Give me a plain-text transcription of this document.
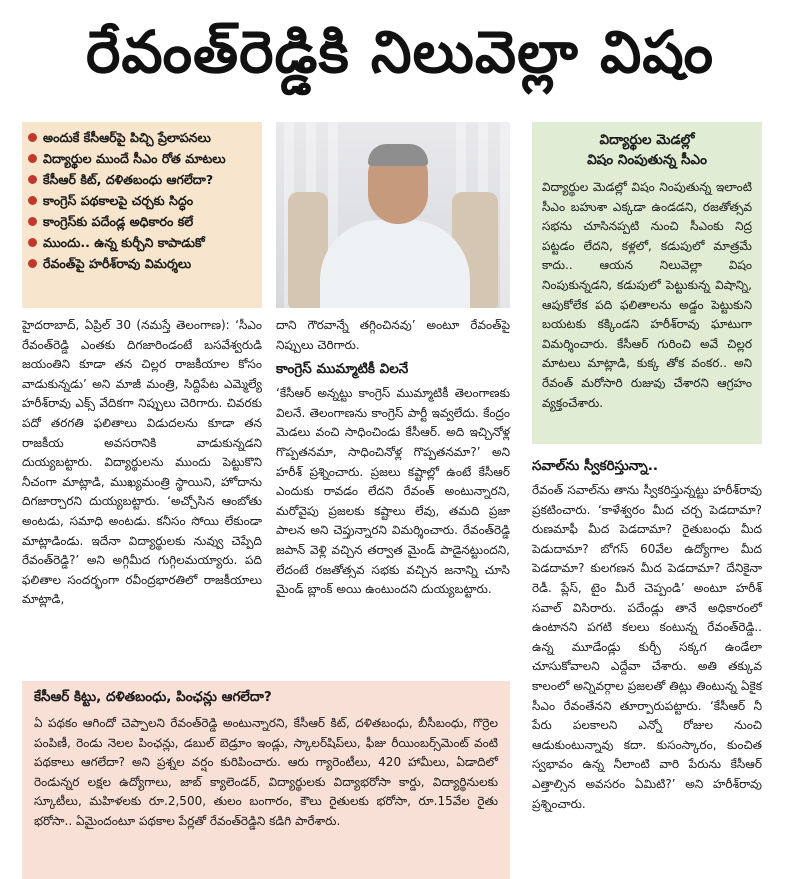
రేవంత్‌రెడ్డికి నిలువెల్లా విషం
అందుకే కేసీఆర్‌పై పిచ్చి ప్రేలాపనలు
విద్యార్థుల ముందే సీఎం రోత మాటలు
కేసీఆర్‌ కిట్‌, దళితబంధు ఆగలేదా?
కాంగ్రెస్‌ పథకాలపై చర్చకు సిద్ధం
కాంగ్రెస్‌కు పదేండ్ల అధికారం కలే
ముందు.. ఉన్న కుర్చీని కాపాడుకో
రేవంత్‌పై హరీశ్‌రావు విమర్శలు

హైదరాబాద్‌, ఏప్రిల్‌ 30 (నమస్తే తెలంగాణ): ‘సీఎం రేవంత్‌రెడ్డి ఎంతకు దిగజారిండంటే బసవేశ్వరుడి జయంతిని కూడా తన చిల్లర రాజకీయాల కోసం వాడుకున్నడు’ అని మాజీ మంత్రి, సిద్దిపేట ఎమ్మెల్యే హరీశ్‌రావు ఎక్స్‌ వేదికగా నిప్పులు చెరిగారు. చివరకు పదో తరగతి ఫలితాలు విడుదలను కూడా తన రాజకీయ అవసరానికి వాడుకున్నడని దుయ్యబట్టారు. విద్యార్థులను ముందు పెట్టుకొని నీచంగా మాట్లాడి, ముఖ్యమంత్రి స్థాయిని, హోదాను దిగజార్చారని దుయ్యబట్టారు. ‘అచ్చోసిన ఆంబోతు అంటడు, సమాధి అంటడు. కనీసం సోయి లేకుండా మాట్లాడిండు. ఇదేనా విద్యార్థులకు నువ్వు చెప్పేది రేవంత్‌రెడ్డి?’ అని అగ్గిమీద గుగ్గిలమయ్యారు. పది ఫలితాల సందర్భంగా రవీంద్రభారతిలో రాజకీయాలు మాట్లాడి,

దాని గౌరవాన్నే తగ్గించినవు’ అంటూ రేవంత్‌పై నిప్పులు చెరిగారు.

కాంగ్రెస్‌ ముమ్మాటికీ విలనే

‘కేసీఆర్‌ అన్నట్టు కాంగ్రెస్‌ ముమ్మాటికీ తెలంగాణకు విలనే. తెలంగాణను కాంగ్రెస్‌ పార్టీ ఇవ్వలేదు. కేంద్రం మెడలు వంచి సాధించిండు కేసీఆర్‌. అది ఇచ్చినోళ్ల గొప్పతనమా, సాధించినోళ్ల గొప్పతనమా?’ అని హరీశ్‌ ప్రశ్నించారు. ప్రజలు కష్టాల్లో ఉంటే కేసీఆర్‌ ఎందుకు రావడం లేదని రేవంత్‌ అంటున్నారని, మరోవైపు ప్రజలకు కష్టాలు లేవు, తమది ప్రజా పాలన అని చెప్తున్నారని విమర్శించారు. రేవంత్‌రెడ్డి జపాన్‌ వెళ్లి వచ్చిన తర్వాత మైండ్‌ పాడైనట్టుందని, లేదంటే రజతోత్సవ సభకు వచ్చిన జనాన్ని చూసి మైండ్‌ బ్లాంక్‌ అయి ఉంటుందని దుయ్యబట్టారు.

విద్యార్థుల మెడల్లో
విషం నింపుతున్న సీఎం

విద్యార్థుల మెడల్లో విషం నింపుతున్న ఇలాంటి సీఎం బహుశా ఎక్కడా ఉండడని, రజతోత్సవ సభను చూసినప్పటి నుంచి సీఎంకు నిద్ర పట్టడం లేదని, కళ్లలో, కడుపులో మాత్రమే కాదు.. ఆయన నిలువెల్లా విషం నింపుకున్నడని, కడుపులో పెట్టుకున్న విషాన్ని, ఆపుకోలేక పది ఫలితాలను అడ్డం పెట్టుకుని బయటకు కక్కిండని హరీశ్‌రావు ఘాటుగా విమర్శించారు. కేసీఆర్‌ గురించి అవే చిల్లర మాటలు మాట్లాడి, కుక్క తోక వంకర.. అని రేవంత్‌ మరోసారి రుజువు చేశారని ఆగ్రహం వ్యక్తంచేశారు.

సవాల్‌ను స్వీకరిస్తున్నా..

రేవంత్‌ సవాల్‌ను తాను స్వీకరిస్తున్నట్టు హరీశ్‌రావు ప్రకటించారు. ‘కాళేశ్వరం మీద చర్చ పెడదామా? రుణమాఫీ మీద పెడదామా? రైతుబంధు మీద పెడుదామా? బోగస్‌ 60వేల ఉద్యోగాల మీద పెడదామా? కులగణన మీద పెడదామా? దేనికైనా రెడీ. ప్లేస్‌, టైం మీరే చెప్పండి’ అంటూ హరీశ్‌ సవాల్‌ విసిరారు. పదేండ్లు తానే అధికారంలో ఉంటానని పగటి కలలు కంటున్న రేవంత్‌రెడ్డి.. ఉన్న మూడేండ్లు కుర్చీ సక్కగ ఉండేలా చూసుకోవాలని ఎద్దేవా చేశారు. అతి తక్కువ కాలంలో అన్నివర్గాల ప్రజలతో తిట్లు తింటున్న ఏకైక సీఎం రేవంతేనని తూర్పారుపట్టారు. ‘కేసీఆర్‌ నీ పేరు పలకాలని ఎన్నో రోజుల నుంచి ఆడుకుంటున్నావు కదా. కుసంస్కారం, కుంచిత స్వభావం ఉన్న నీలాంటి వారి పేరును కేసీఆర్‌ ఎత్తాల్సిన అవసరం ఏమిటి?’ అని హరీశ్‌రావు ప్రశ్నించారు.

కేసీఆర్‌ కిట్టు, దళితబంధు, పింఛన్లు ఆగలేదా?

ఏ పథకం ఆగిందో చెప్పాలని రేవంత్‌రెడ్డి అంటున్నారని, కేసీఆర్‌ కిట్‌, దళితబంధు, బీసీబంధు, గొర్రెల పంపిణీ, రెండు నెలల పింఛన్లు, డబుల్‌ బెడ్రూం ఇండ్లు, స్కాలర్‌షిప్‌లు, ఫీజు రీయింబర్స్‌మెంట్‌ వంటి పథకాలు ఆగలేదా? అని ప్రశ్నల వర్షం కురిపించారు. ఆరు గ్యారెంటీలు, 420 హామీలు, ఏడాదిలో రెండున్నర లక్షల ఉద్యోగాలు, జాబ్‌ క్యాలెండర్‌, విద్యార్థులకు విద్యాభరోసా కార్డు, విద్యార్థినులకు స్కూటీలు, మహిళలకు రూ.2,500, తులం బంగారం, కౌలు రైతులకు భరోసా, రూ.15వేల రైతు భరోసా.. ఏమైందంటూ పథకాల పేర్లతో రేవంత్‌రెడ్డిని కడిగి పారేశారు.
